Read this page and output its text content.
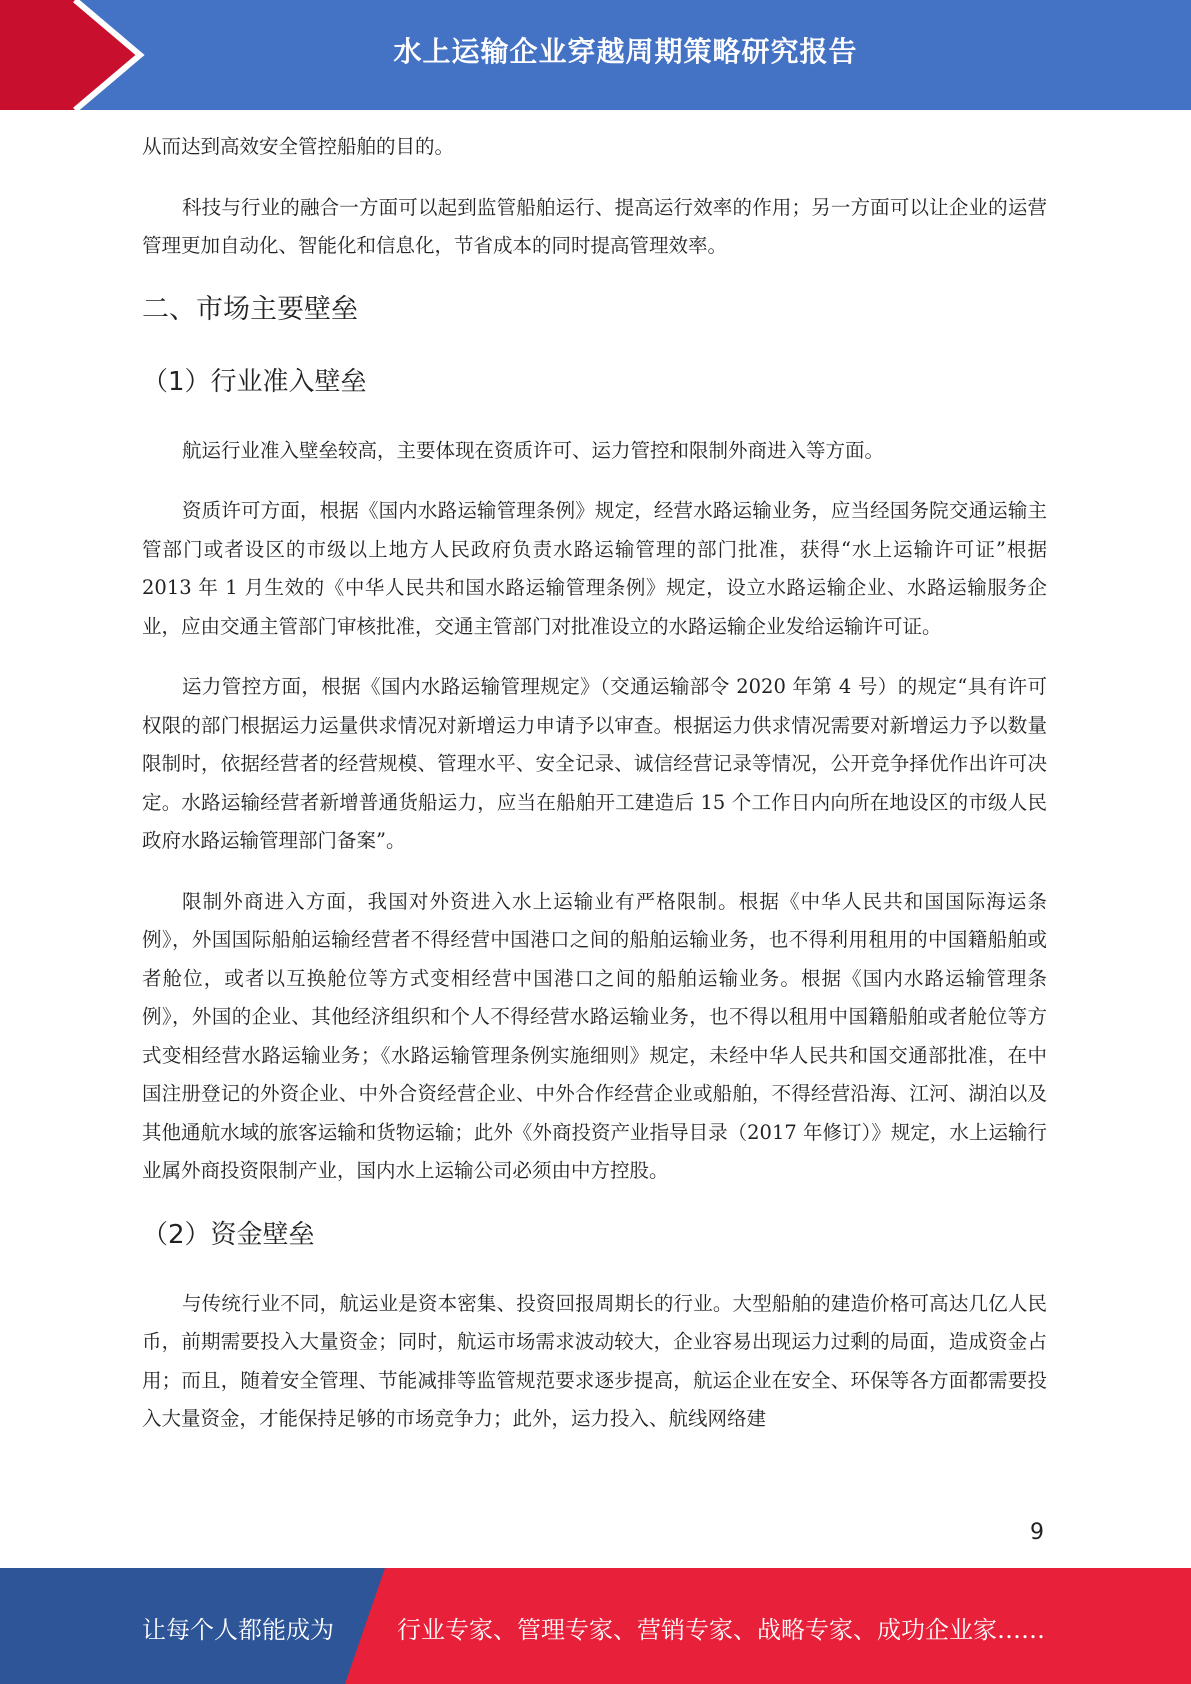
水上运输企业穿越周期策略研究报告

从而达到高效安全管控船舶的目的。

科技与行业的融合一方面可以起到监管船舶运行、提高运行效率的作用；另一方面可以让企业的运营管理更加自动化、智能化和信息化，节省成本的同时提高管理效率。

二、市场主要壁垒
（1）行业准入壁垒

航运行业准入壁垒较高，主要体现在资质许可、运力管控和限制外商进入等方面。

资质许可方面，根据《国内水路运输管理条例》规定，经营水路运输业务，应当经国务院交通运输主管部门或者设区的市级以上地方人民政府负责水路运输管理的部门批准，获得“水上运输许可证”根据 2013 年 1 月生效的《中华人民共和国水路运输管理条例》规定，设立水路运输企业、水路运输服务企业，应由交通主管部门审核批准，交通主管部门对批准设立的水路运输企业发给运输许可证。

运力管控方面，根据《国内水路运输管理规定》（交通运输部令 2020 年第 4 号）的规定“具有许可权限的部门根据运力运量供求情况对新增运力申请予以审查。根据运力供求情况需要对新增运力予以数量限制时，依据经营者的经营规模、管理水平、安全记录、诚信经营记录等情况，公开竞争择优作出许可决定。水路运输经营者新增普通货船运力，应当在船舶开工建造后 15 个工作日内向所在地设区的市级人民政府水路运输管理部门备案”。

限制外商进入方面，我国对外资进入水上运输业有严格限制。根据《中华人民共和国国际海运条例》，外国国际船舶运输经营者不得经营中国港口之间的船舶运输业务，也不得利用租用的中国籍船舶或者舱位，或者以互换舱位等方式变相经营中国港口之间的船舶运输业务。根据《国内水路运输管理条例》，外国的企业、其他经济组织和个人不得经营水路运输业务，也不得以租用中国籍船舶或者舱位等方式变相经营水路运输业务；《水路运输管理条例实施细则》规定，未经中华人民共和国交通部批准，在中国注册登记的外资企业、中外合资经营企业、中外合作经营企业或船舶，不得经营沿海、江河、湖泊以及其他通航水域的旅客运输和货物运输；此外《外商投资产业指导目录（2017 年修订）》规定，水上运输行业属外商投资限制产业，国内水上运输公司必须由中方控股。

（2）资金壁垒

与传统行业不同，航运业是资本密集、投资回报周期长的行业。大型船舶的建造价格可高达几亿人民币，前期需要投入大量资金；同时，航运市场需求波动较大，企业容易出现运力过剩的局面，造成资金占用；而且，随着安全管理、节能减排等监管规范要求逐步提高，航运企业在安全、环保等各方面都需要投入大量资金，才能保持足够的市场竞争力；此外，运力投入、航线网络建

9
让每个人都能成为	行业专家、管理专家、营销专家、战略专家、成功企业家……
